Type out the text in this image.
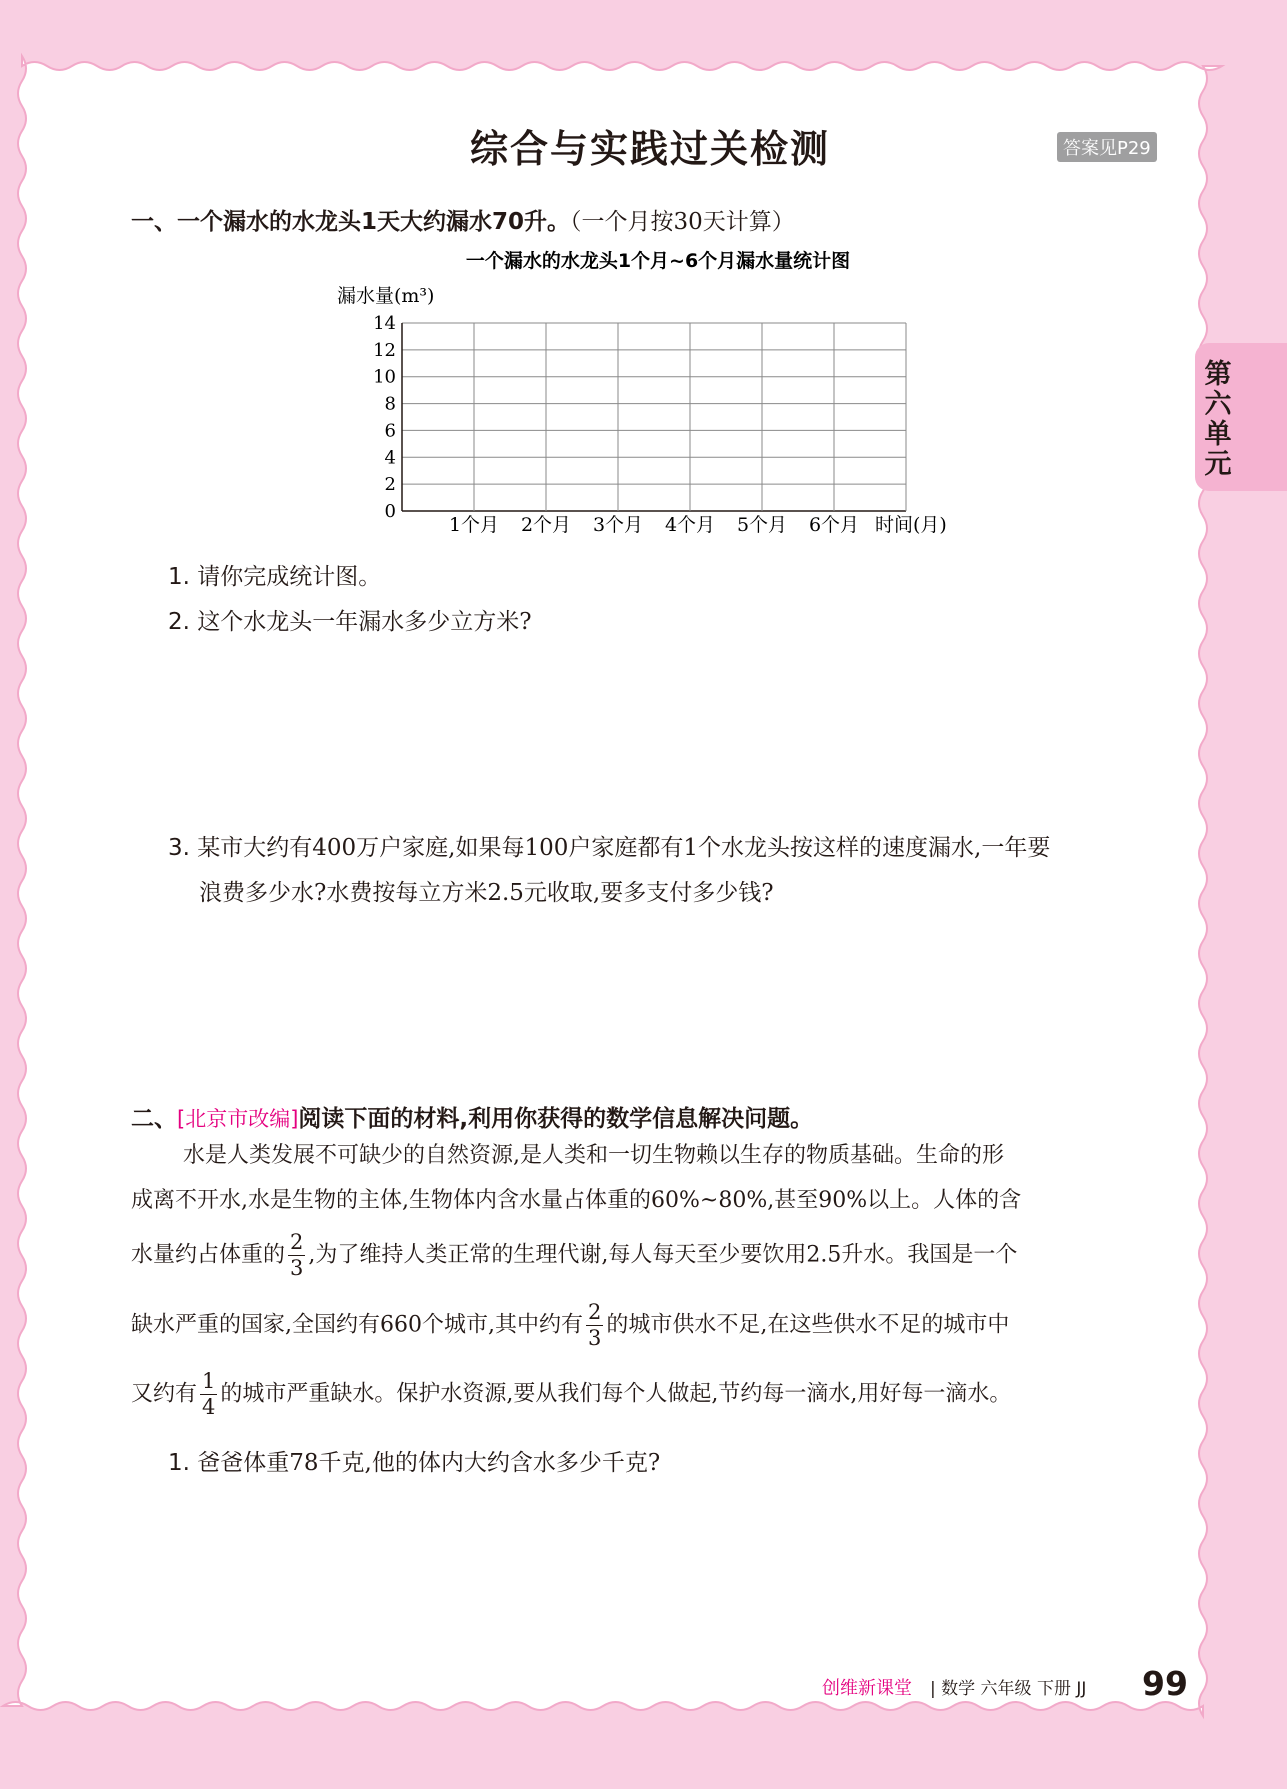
综合与实践过关检测	答案见P29
第六单元
一、一个漏水的水龙头1天大约漏水70升。（一个月按30天计算）
一个漏水的水龙头1个月~6个月漏水量统计图
漏水量(m³)
0
2
4
6
8
10
12
14
1个月 2个月 3个月 4个月 5个月 6个月 时间(月)
1. 请你完成统计图。
2. 这个水龙头一年漏水多少立方米?
3. 某市大约有400万户家庭,如果每100户家庭都有1个水龙头按这样的速度漏水,一年要
浪费多少水?水费按每立方米2.5元收取,要多支付多少钱?
二、[北京市改编]阅读下面的材料,利用你获得的数学信息解决问题。
水是人类发展不可缺少的自然资源,是人类和一切生物赖以生存的物质基础。生命的形
成离不开水,水是生物的主体,生物体内含水量占体重的60%~80%,甚至90%以上。人体的含
水量约占体重的 $\frac{2}{3}$ ,为了维持人类正常的生理代谢,每人每天至少要饮用2.5升水。我国是一个
缺水严重的国家,全国约有660个城市,其中约有 $\frac{2}{3}$ 的城市供水不足,在这些供水不足的城市中
又约有 $\frac{1}{4}$ 的城市严重缺水。保护水资源,要从我们每个人做起,节约每一滴水,用好每一滴水。
1. 爸爸体重78千克,他的体内大约含水多少千克?
创维新课堂 | 数学 六年级 下册 JJ 99
